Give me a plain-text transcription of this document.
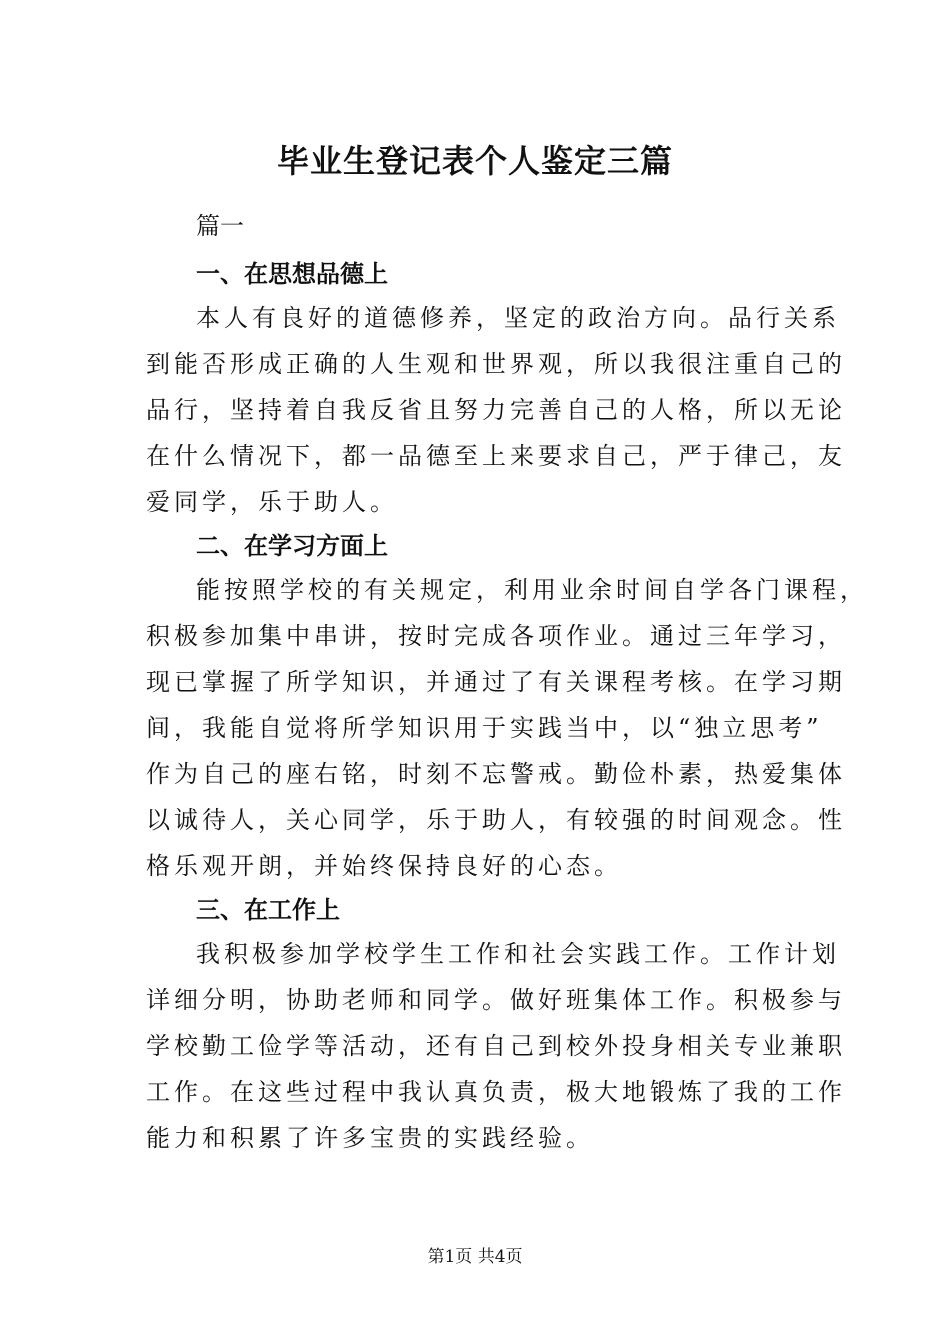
毕业生登记表个人鉴定三篇
篇一
一、在思想品德上
本人有良好的道德修养，坚定的政治方向。品行关系
到能否形成正确的人生观和世界观，所以我很注重自己的
品行，坚持着自我反省且努力完善自己的人格，所以无论
在什么情况下，都一品德至上来要求自己，严于律己，友
爱同学，乐于助人。
二、在学习方面上
能按照学校的有关规定，利用业余时间自学各门课程，
积极参加集中串讲，按时完成各项作业。通过三年学习，
现已掌握了所学知识，并通过了有关课程考核。在学习期
间，我能自觉将所学知识用于实践当中，以“独立思考”
作为自己的座右铭，时刻不忘警戒。勤俭朴素，热爱集体
以诚待人，关心同学，乐于助人，有较强的时间观念。性
格乐观开朗，并始终保持良好的心态。
三、在工作上
我积极参加学校学生工作和社会实践工作。工作计划
详细分明，协助老师和同学。做好班集体工作。积极参与
学校勤工俭学等活动，还有自己到校外投身相关专业兼职
工作。在这些过程中我认真负责，极大地锻炼了我的工作
能力和积累了许多宝贵的实践经验。
第1页 共4页
